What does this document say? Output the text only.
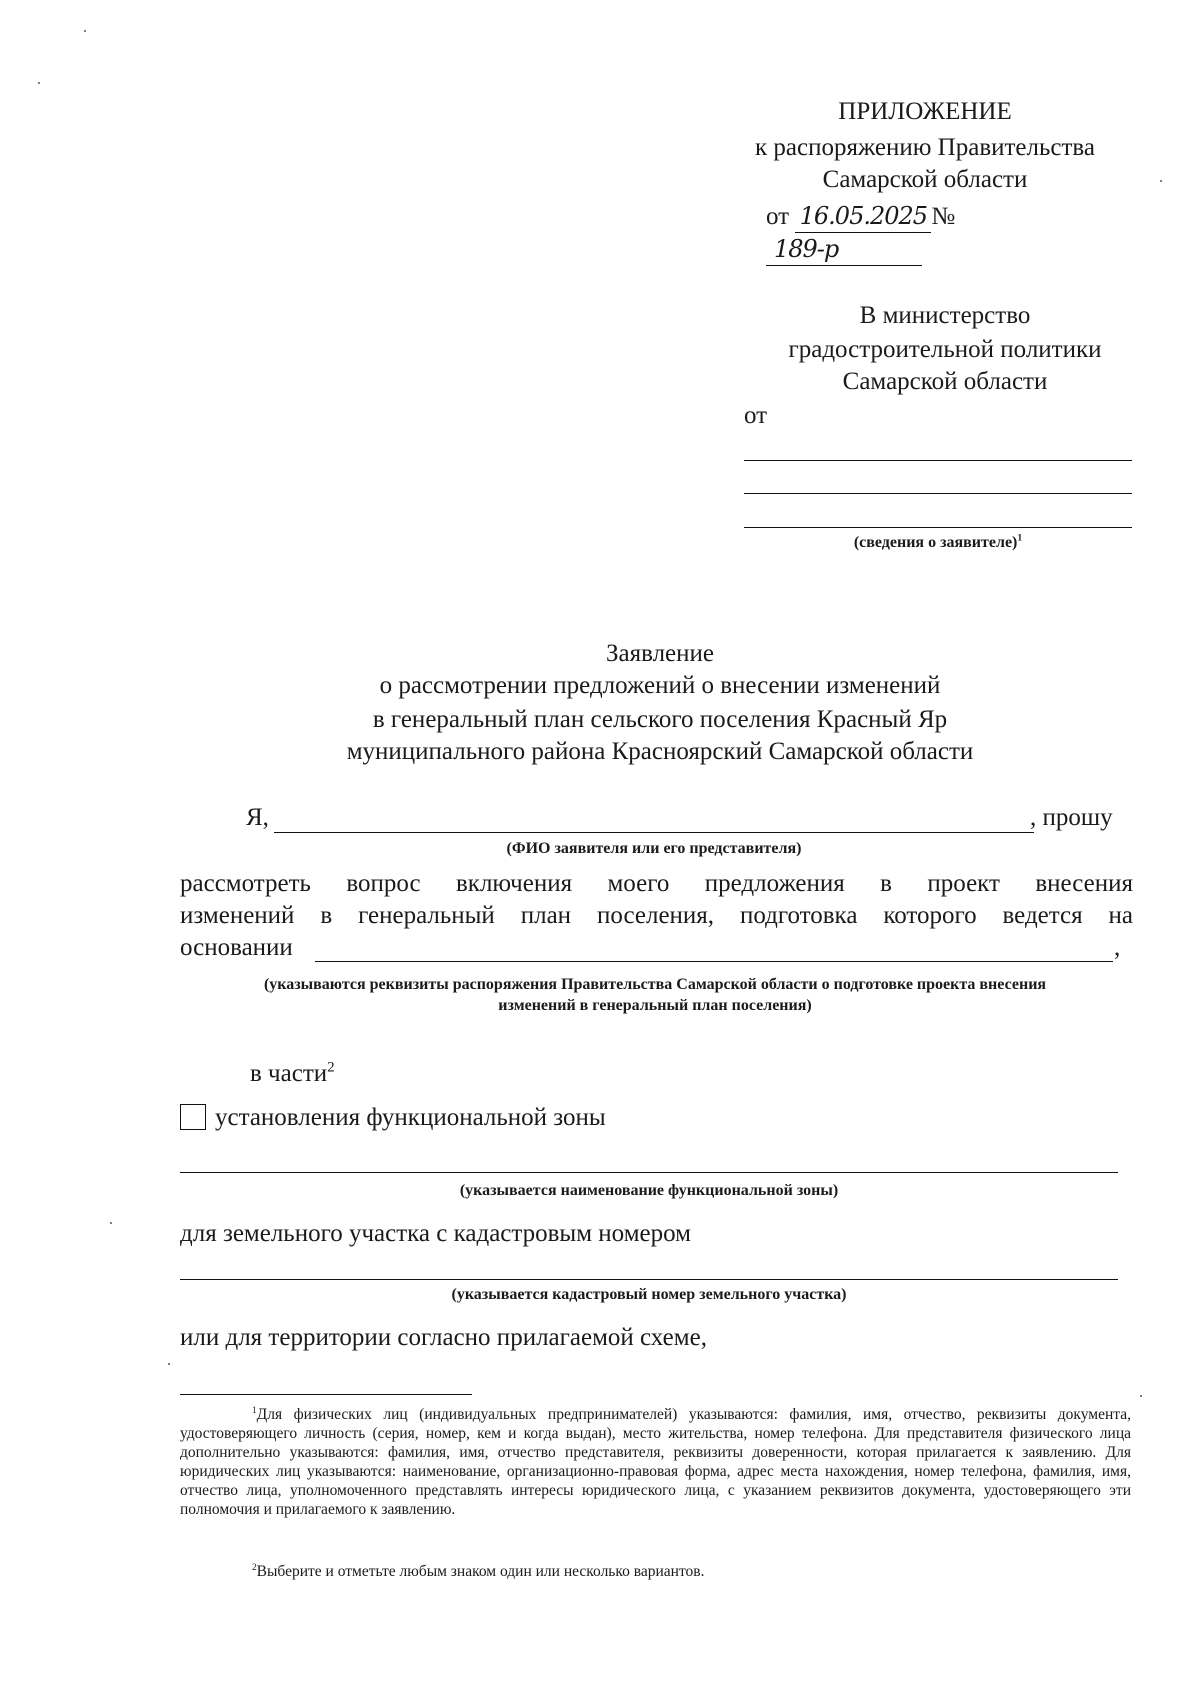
ПРИЛОЖЕНИЕ
к распоряжению Правительства
Самарской области
от 16.05.2025 № 189-р
В министерство
градостроительной политики
Самарской области
от
(сведения о заявителе)$^1$
Заявление
о рассмотрении предложений о внесении изменений
в генеральный план сельского поселения Красный Яр
муниципального района Красноярский Самарской области
Я,	, прошу
(ФИО заявителя или его представителя)
рассмотреть вопрос включения моего предложения в проект внесения
изменений в генеральный план поселения, подготовка которого ведется на
основании	,
(указываются реквизиты распоряжения Правительства Самарской области о подготовке проекта внесения
изменений в генеральный план поселения)
в части$^2$
установления функциональной зоны
(указывается наименование функциональной зоны)
для земельного участка с кадастровым номером
(указывается кадастровый номер земельного участка)
или для территории согласно прилагаемой схеме,
$^1$Для физических лиц (индивидуальных предпринимателей) указываются: фамилия, имя, отчество, реквизиты документа, удостоверяющего личность (серия, номер, кем и когда выдан), место жительства, номер телефона. Для представителя физического лица дополнительно указываются: фамилия, имя, отчество представителя, реквизиты доверенности, которая прилагается к заявлению. Для юридических лиц указываются: наименование, организационно-правовая форма, адрес места нахождения, номер телефона, фамилия, имя, отчество лица, уполномоченного представлять интересы юридического лица, с указанием реквизитов документа, удостоверяющего эти полномочия и прилагаемого к заявлению.
$^2$Выберите и отметьте любым знаком один или несколько вариантов.
